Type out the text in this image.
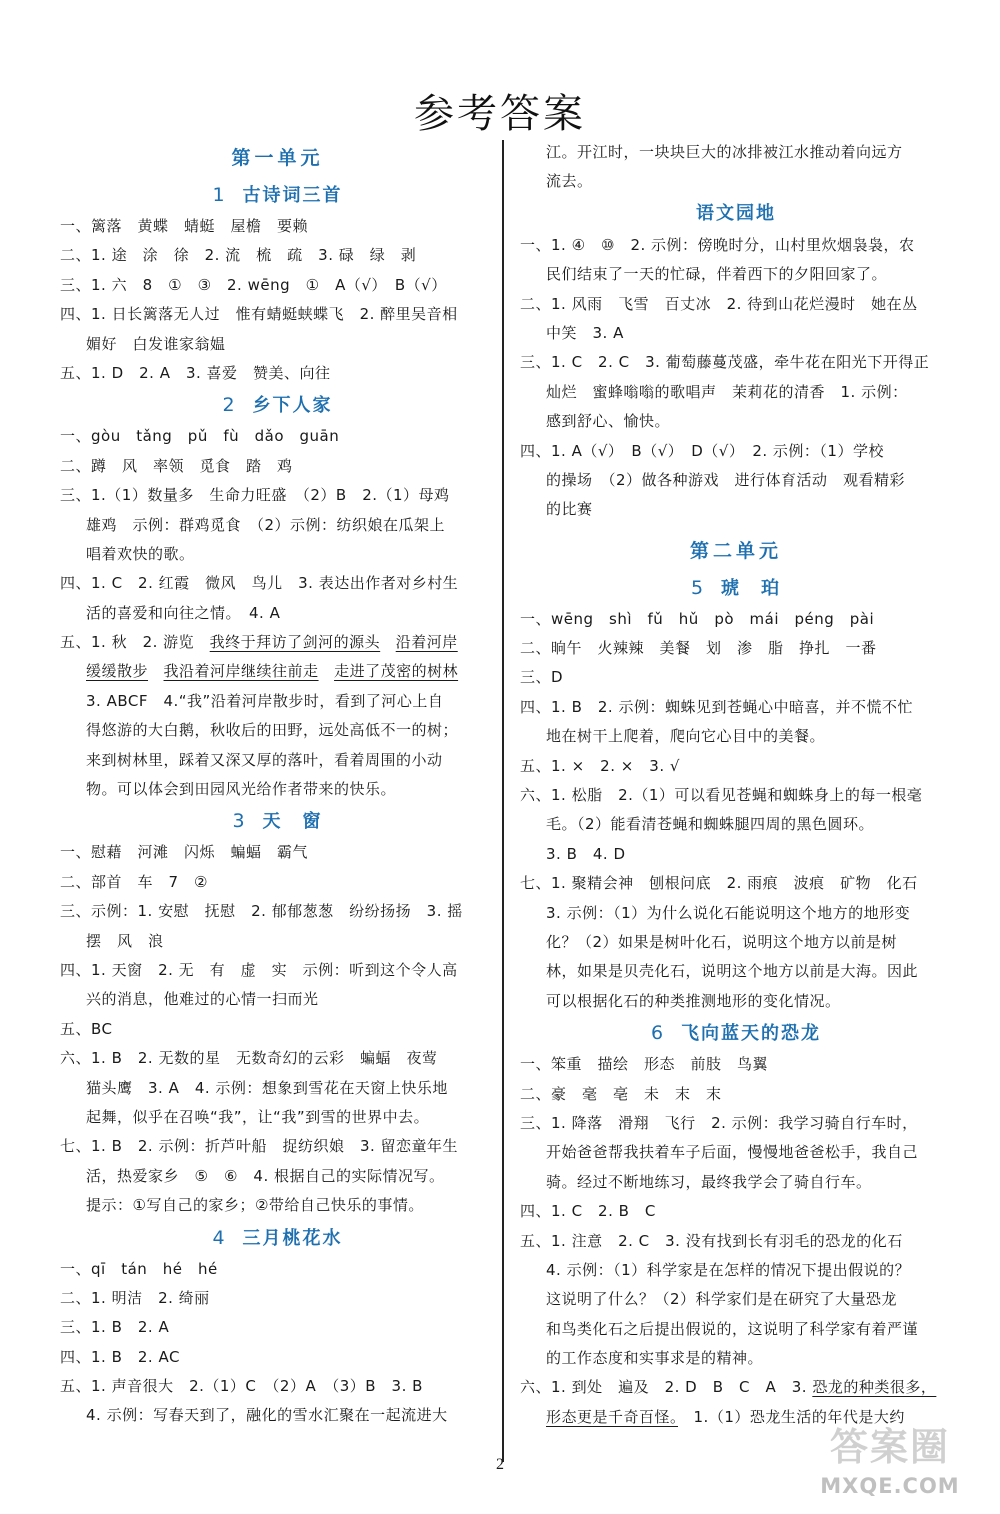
参考答案
第一单元
1 古诗词三首
一、篱落　黄蝶　蜻蜓　屋檐　要赖
二、1. 途　涂　徐　2. 流　梳　疏　3. 碌　绿　剥
三、1. 六　8　①　③　2. wēng　①　A（√）　B（√）
四、1. 日长篱落无人过　惟有蜻蜓蛱蝶飞　2. 醉里吴音相
媚好　白发谁家翁媪
五、1. D　2. A　3. 喜爱　赞美、向往
2 乡下人家
一、gòu　tǎng　pǔ　fù　dǎo　guān
二、蹲　风　率领　觅食　踏　鸡
三、1.（1）数量多　生命力旺盛　（2）B　2.（1）母鸡
雄鸡　示例：群鸡觅食　（2）示例：纺织娘在瓜架上
唱着欢快的歌。
四、1. C　2. 红霞　微风　鸟儿　3. 表达出作者对乡村生
活的喜爱和向往之情。　4. A
五、1. 秋　2. 游览　我终于拜访了剑河的源头　 沿着河岸
缓缓散步　 我沿着河岸继续往前走　 走进了茂密的树林
3. ABCF　4.“我”沿着河岸散步时，看到了河心上自
得悠游的大白鹅，秋收后的田野，远处高低不一的树；
来到树林里，踩着又深又厚的落叶，看着周围的小动
物。可以体会到田园风光给作者带来的快乐。
3 天　窗
一、慰藉　河滩　闪烁　蝙蝠　霸气
二、部首　车　7　②
三、示例：1. 安慰　抚慰　2. 郁郁葱葱　纷纷扬扬　3. 摇
摆　风　浪
四、1. 天窗　2. 无　有　虚　实　示例：听到这个令人高
兴的消息，他难过的心情一扫而光
五、BC
六、1. B　2. 无数的星　无数奇幻的云彩　蝙蝠　夜莺
猫头鹰　3. A　4. 示例：想象到雪花在天窗上快乐地
起舞，似乎在召唤“我”，让“我”到雪的世界中去。
七、1. B　2. 示例：折芦叶船　捉纺织娘　3. 留恋童年生
活，热爱家乡　⑤　⑥　4. 根据自己的实际情况写。
提示：①写自己的家乡；②带给自己快乐的事情。
4 三月桃花水
一、qī　tán　hé　hé
二、1. 明洁　2. 绮丽
三、1. B　2. A
四、1. B　2. AC
五、1. 声音很大　2.（1）C　（2）A　（3）B　3. B
4. 示例：写春天到了，融化的雪水汇聚在一起流进大
江。开江时，一块块巨大的冰排被江水推动着向远方
流去。
语文园地
一、1. ④　⑩　2. 示例：傍晚时分，山村里炊烟袅袅，农
民们结束了一天的忙碌，伴着西下的夕阳回家了。
二、1. 风雨　飞雪　百丈冰　2. 待到山花烂漫时　她在丛
中笑　3. A
三、1. C　2. C　3. 葡萄藤蔓茂盛，牵牛花在阳光下开得正
灿烂　蜜蜂嗡嗡的歌唱声　茉莉花的清香　1. 示例：
感到舒心、愉快。
四、1. A（√）　B（√）　D（√）　2. 示例：（1）学校
的操场　（2）做各种游戏　进行体育活动　观看精彩
的比赛
第二单元
5 琥　珀
一、wēng　shì　fǔ　hǔ　pò　mái　péng　pài
二、晌午　火辣辣　美餐　划　渗　脂　挣扎　一番
三、D
四、1. B　2. 示例：蜘蛛见到苍蝇心中暗喜，并不慌不忙
地在树干上爬着，爬向它心目中的美餐。
五、1. ×　2. ×　3. √
六、1. 松脂　2.（1）可以看见苍蝇和蜘蛛身上的每一根毫
毛。（2）能看清苍蝇和蜘蛛腿四周的黑色圆环。
3. B　4. D
七、1. 聚精会神　刨根问底　2. 雨痕　波痕　矿物　化石
3. 示例：（1）为什么说化石能说明这个地方的地形变
化？（2）如果是树叶化石，说明这个地方以前是树
林，如果是贝壳化石，说明这个地方以前是大海。因此
可以根据化石的种类推测地形的变化情况。
6 飞向蓝天的恐龙
一、笨重　描绘　形态　前肢　鸟翼
二、豪　毫　亳　未　末　末
三、1. 降落　滑翔　飞行　2. 示例：我学习骑自行车时，
开始爸爸帮我扶着车子后面，慢慢地爸爸松手，我自己
骑。经过不断地练习，最终我学会了骑自行车。
四、1. C　2. B　C
五、1. 注意　2. C　3. 没有找到长有羽毛的恐龙的化石
4. 示例：（1）科学家是在怎样的情况下提出假说的？
这说明了什么？（2）科学家们是在研究了大量恐龙
和鸟类化石之后提出假说的，这说明了科学家有着严谨
的工作态度和实事求是的精神。
六、1. 到处　遍及　2. D　B　C　A　3. 恐龙的种类很多，
形态更是千奇百怪。　1.（1）恐龙生活的年代是大约
2	答案圈
MXQE.COM
